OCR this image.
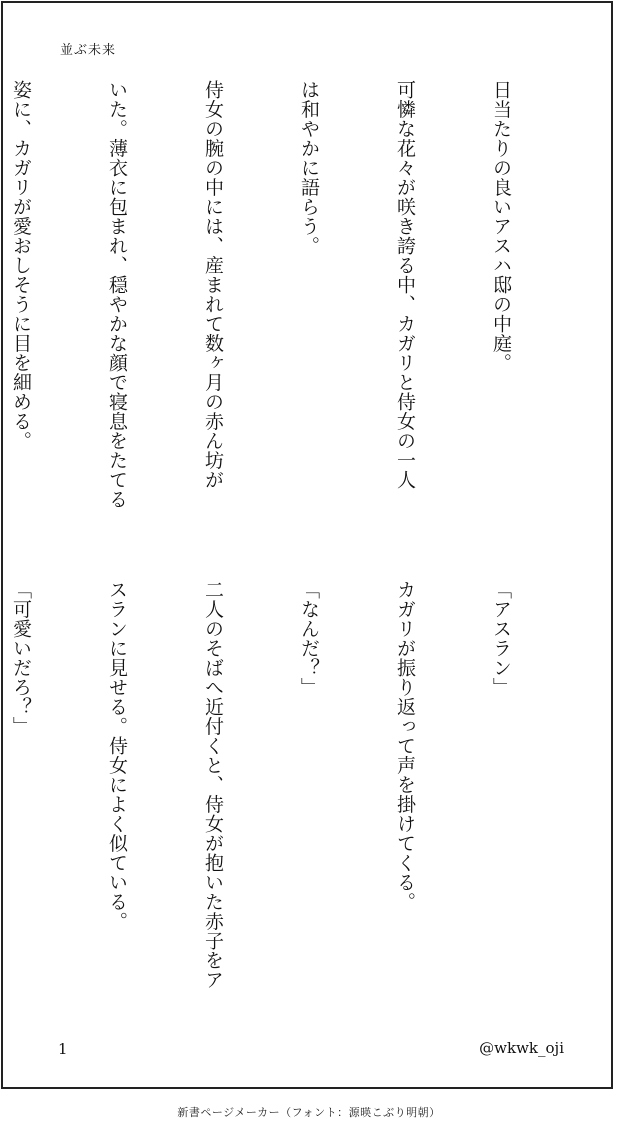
並ぶ未来

日当たりの良いアスハ邸の中庭。

可憐な花々が咲き誇る中、カガリと侍女の一人

は和やかに語らう。

侍女の腕の中には、産まれて数ヶ月の赤ん坊が

いた。薄衣に包まれ、穏やかな顔で寝息をたてる

姿に、カガリが愛おしそうに目を細める。

「アスラン」

カガリが振り返って声を掛けてくる。

「なんだ？」

二人のそばへ近付くと、侍女が抱いた赤子をア

スランに見せる。侍女によく似ている。

「可愛いだろ？」

1	@wkwk_oji
新書ページメーカー（フォント：源暎こぶり明朝）
